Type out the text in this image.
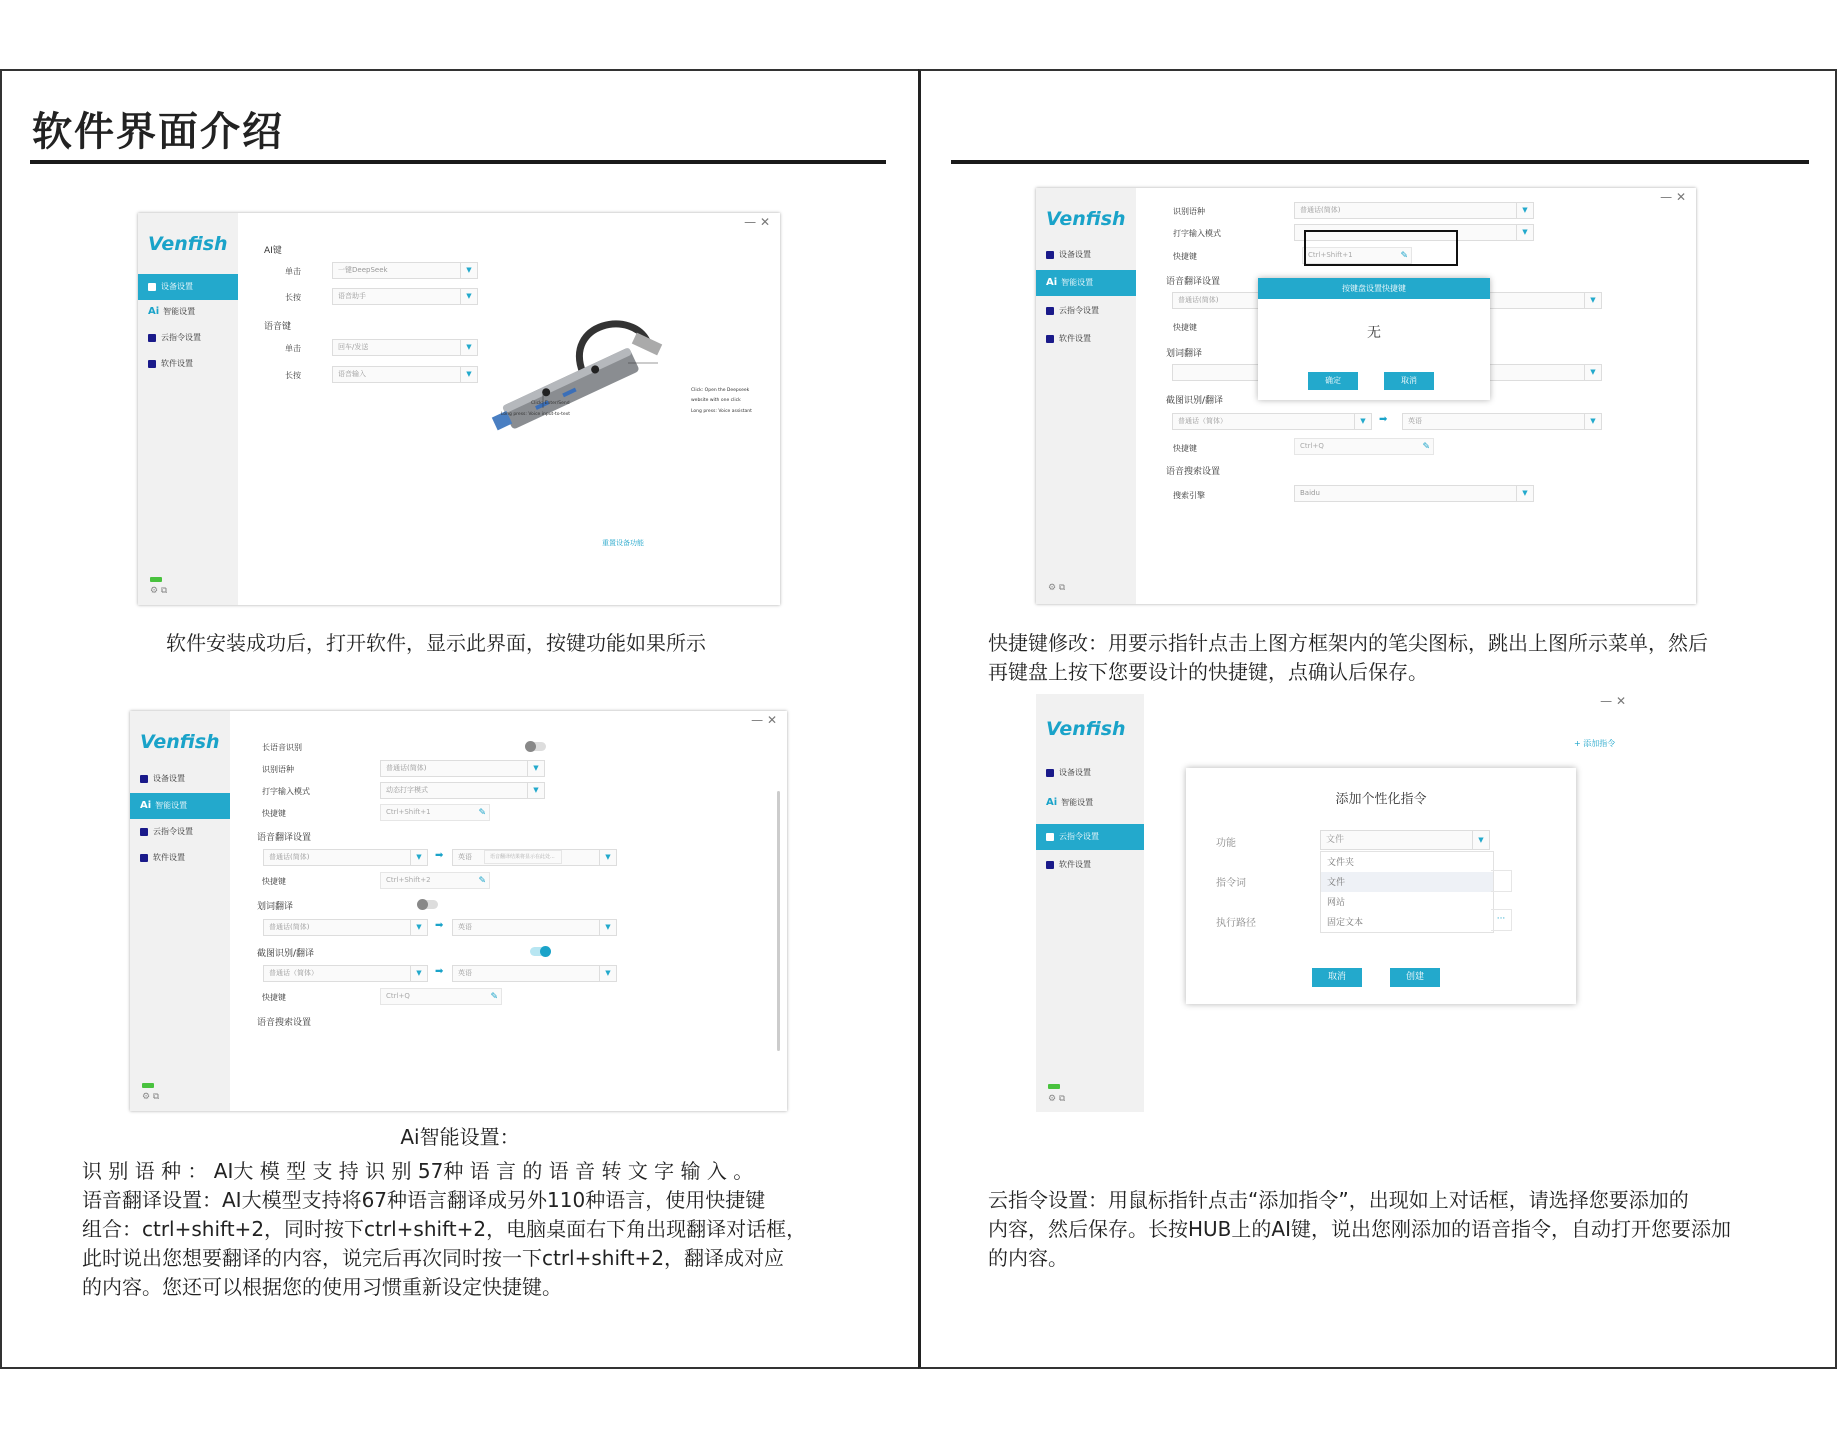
软件界面介绍
Venfish
设备设置
Ai 智能设置
云指令设置
软件设置
⚙ ⧉
— ✕
AI键
单击	一键DeepSeek	▼
长按	语音助手	▼
语音键
单击	回车/发送	▼
长按	语音输入	▼
Click: Enter/Send
Long press: Voice input-to-text
Click: Open the Deepseek
website with one click
Long press: Voice assistant
重置设备功能
软件安装成功后，打开软件，显示此界面，按键功能如果所示
Venfish
设备设置
Ai 智能设置
云指令设置
软件设置
⚙ ⧉
— ✕
长语音识别
识别语种	普通话(简体)	▼
打字输入模式	动态打字模式	▼
快捷键	Ctrl+Shift+1	✎
语音翻译设置
普通话(简体)	▼	➡	英语	▼
语音翻译结果将显示在此处...
快捷键	Ctrl+Shift+2	✎
划词翻译
普通话(简体)	▼	➡	英语	▼
截图识别/翻译
普通话（简体）	▼	➡	英语	▼
快捷键	Ctrl+Q	✎
语音搜索设置
Ai智能设置：
识 别 语 种 ： AI大 模 型 支 持 识 别 57种 语 言 的 语 音 转 文 字 输 入 。
语音翻译设置：AI大模型支持将67种语言翻译成另外110种语言，使用快捷键
组合：ctrl+shift+2，同时按下ctrl+shift+2，电脑桌面右下角出现翻译对话框，
此时说出您想要翻译的内容，说完后再次同时按一下ctrl+shift+2，翻译成对应
的内容。您还可以根据您的使用习惯重新设定快捷键。
Venfish
设备设置
Ai 智能设置
云指令设置
软件设置
⚙ ⧉
— ✕
识别语种	普通话(简体)	▼
打字输入模式	▼
快捷键	Ctrl+Shift+1	✎
语音翻译设置
普通话(简体)	▼
快捷键
划词翻译
▼
截图识别/翻译
普通话（简体）	▼	➡	英语	▼
快捷键	Ctrl+Q	✎
语音搜索设置
搜索引擎	Baidu	▼
按键盘设置快捷键
无
确定	取消
快捷键修改：用要示指针点击上图方框架内的笔尖图标，跳出上图所示菜单，然后
再键盘上按下您要设计的快捷键，点确认后保存。
Venfish
设备设置
Ai 智能设置
云指令设置
软件设置
⚙ ⧉
— ✕
+ 添加指令
添加个性化指令
功能	文件	▼
文件夹
文件
网站
固定文本
指令词
执行路径	···
取消	创建
云指令设置：用鼠标指针点击“添加指令”，出现如上对话框，请选择您要添加的
内容，然后保存。长按HUB上的AI键，说出您刚添加的语音指令，自动打开您要添加
的内容。
